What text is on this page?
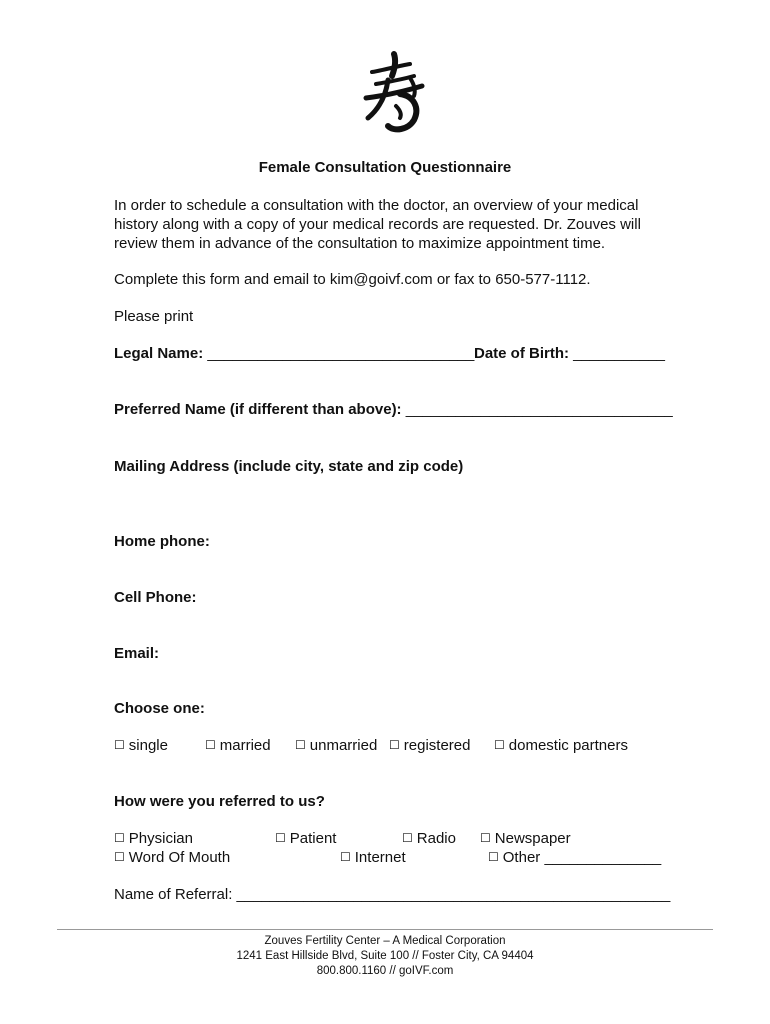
Female Consultation Questionnaire
In order to schedule a consultation with the doctor, an overview of your medical history along with a copy of your medical records are requested. Dr. Zouves will review them in advance of the consultation to maximize appointment time.
Complete this form and email to kim@goivf.com or fax to 650-577-1112.
Please print
Legal Name: ________________________________ Date of Birth: ___________
Preferred Name (if different than above): ________________________________
Mailing Address (include city, state and zip code)
Home phone:
Cell Phone:
Email:
Choose one:
☐ single	☐ married ☐ unmarried ☐ registered ☐ domestic partners
How were you referred to us?
☐ Physician	☐ Patient	☐ Radio ☐ Newspaper
☐ Word Of Mouth	☐ Internet	☐ Other ______________
Name of Referral: ____________________________________________________
Zouves Fertility Center – A Medical Corporation
1241 East Hillside Blvd, Suite 100 // Foster City, CA 94404
800.800.1160 // goIVF.com
